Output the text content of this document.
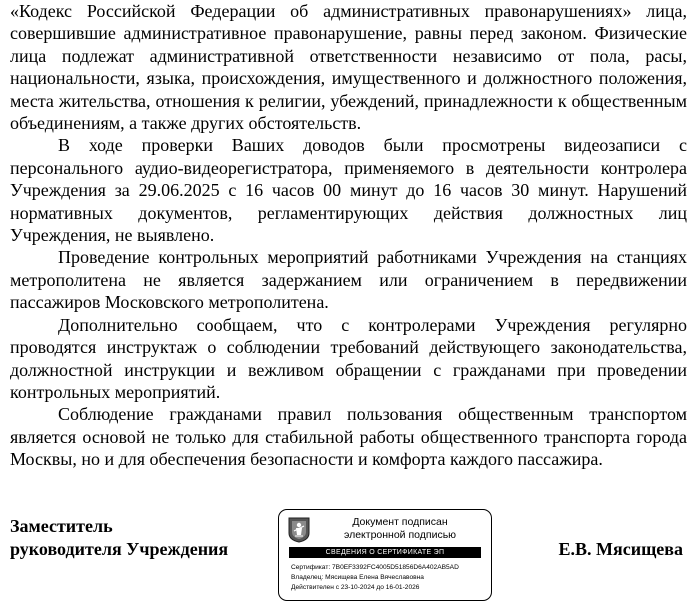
«Кодекс Российской Федерации об административных правонарушениях» лица, совершившие административное правонарушение, равны перед законом. Физические лица подлежат административной ответственности независимо от пола, расы, национальности, языка, происхождения, имущественного и должностного положения, места жительства, отношения к религии, убеждений, принадлежности к общественным объединениям, а также других обстоятельств.

В ходе проверки Ваших доводов были просмотрены видеозаписи с персонального аудио-видеорегистратора, применяемого в деятельности контролера Учреждения за 29.06.2025 с 16 часов 00 минут до 16 часов 30 минут. Нарушений нормативных документов, регламентирующих действия должностных лиц Учреждения, не выявлено.

Проведение контрольных мероприятий работниками Учреждения на станциях метрополитена не является задержанием или ограничением в передвижении пассажиров Московского метрополитена.

Дополнительно сообщаем, что с контролерами Учреждения регулярно проводятся инструктаж о соблюдении требований действующего законодательства, должностной инструкции и вежливом обращении с гражданами при проведении контрольных мероприятий.

Соблюдение гражданами правил пользования общественным транспортом является основой не только для стабильной работы общественного транспорта города Москвы, но и для обеспечения безопасности и комфорта каждого пассажира.

Заместитель
руководителя Учреждения
Документ подписан
электронной подписью
СВЕДЕНИЯ О СЕРТИФИКАТЕ ЭП
Сертификат: 7B0EF3392FC4005D51856D6A402AB5AD
Владелец: Мясищева Елена Вячеславовна
Действителен с 23-10-2024 до 16-01-2026
Е.В. Мясищева
